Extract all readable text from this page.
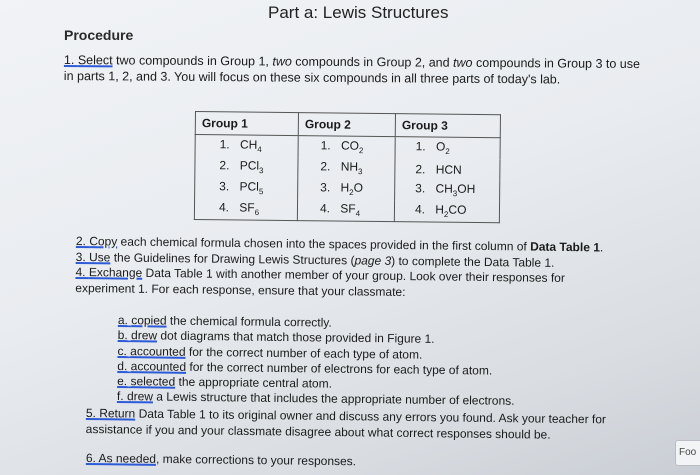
Part a: Lewis Structures
Procedure
1. Select two compounds in Group 1, two compounds in Group 2, and two compounds in Group 3 to use
in parts 1, 2, and 3. You will focus on these six compounds in all three parts of today's lab.
Group 1	Group 2	Group 3
1. $CH_4$	1. $CO_2$	1. $O_2$
2. PCl$_3$	2. $NH_3$	2. HCN
3. PCl$_5$	3. $H_2O$	3. $CH_3OH$
4. $SF_6$	4. $SF_4$	4. $H_2CO$
2. Copy each chemical formula chosen into the spaces provided in the first column of Data Table 1.
3. Use the Guidelines for Drawing Lewis Structures (page 3) to complete the Data Table 1.
4. Exchange Data Table 1 with another member of your group. Look over their responses for
experiment 1. For each response, ensure that your classmate:
a. copied the chemical formula correctly.
b. drew dot diagrams that match those provided in Figure 1.
c. accounted for the correct number of each type of atom.
d. accounted for the correct number of electrons for each type of atom.
e. selected the appropriate central atom.
f. drew a Lewis structure that includes the appropriate number of electrons.
5. Return Data Table 1 to its original owner and discuss any errors you found. Ask your teacher for
assistance if you and your classmate disagree about what correct responses should be.
6. As needed, make corrections to your responses.	Foo
